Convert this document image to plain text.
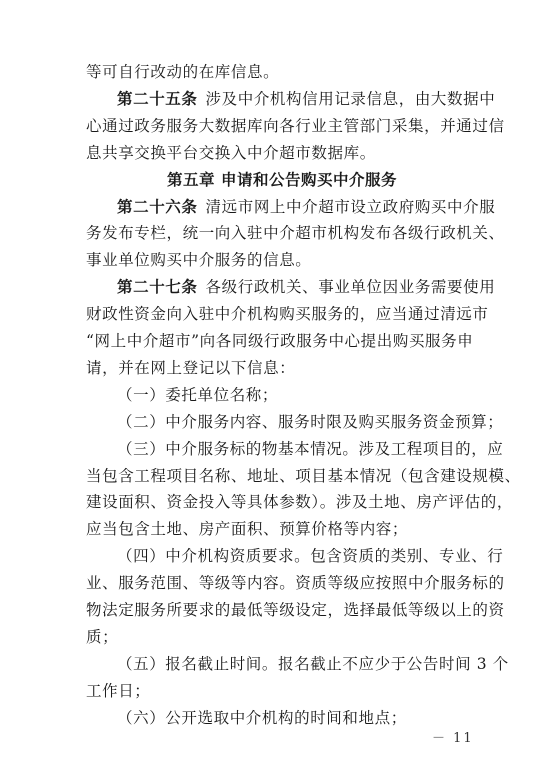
等可自行改动的在库信息。
第二十五条 涉及中介机构信用记录信息，由大数据中
心通过政务服务大数据库向各行业主管部门采集，并通过信
息共享交换平台交换入中介超市数据库。
第五章 申请和公告购买中介服务
第二十六条 清远市网上中介超市设立政府购买中介服
务发布专栏，统一向入驻中介超市机构发布各级行政机关、
事业单位购买中介服务的信息。
第二十七条 各级行政机关、事业单位因业务需要使用
财政性资金向入驻中介机构购买服务的，应当通过清远市
“网上中介超市”向各同级行政服务中心提出购买服务申
请，并在网上登记以下信息：
（一）委托单位名称；
（二）中介服务内容、服务时限及购买服务资金预算；
（三）中介服务标的物基本情况。涉及工程项目的，应
当包含工程项目名称、地址、项目基本情况（包含建设规模、
建设面积、资金投入等具体参数）。涉及土地、房产评估的，
应当包含土地、房产面积、预算价格等内容；
（四）中介机构资质要求。包含资质的类别、专业、行
业、服务范围、等级等内容。资质等级应按照中介服务标的
物法定服务所要求的最低等级设定，选择最低等级以上的资
质；
（五）报名截止时间。报名截止不应少于公告时间 3 个
工作日；
（六）公开选取中介机构的时间和地点；
－ 11
